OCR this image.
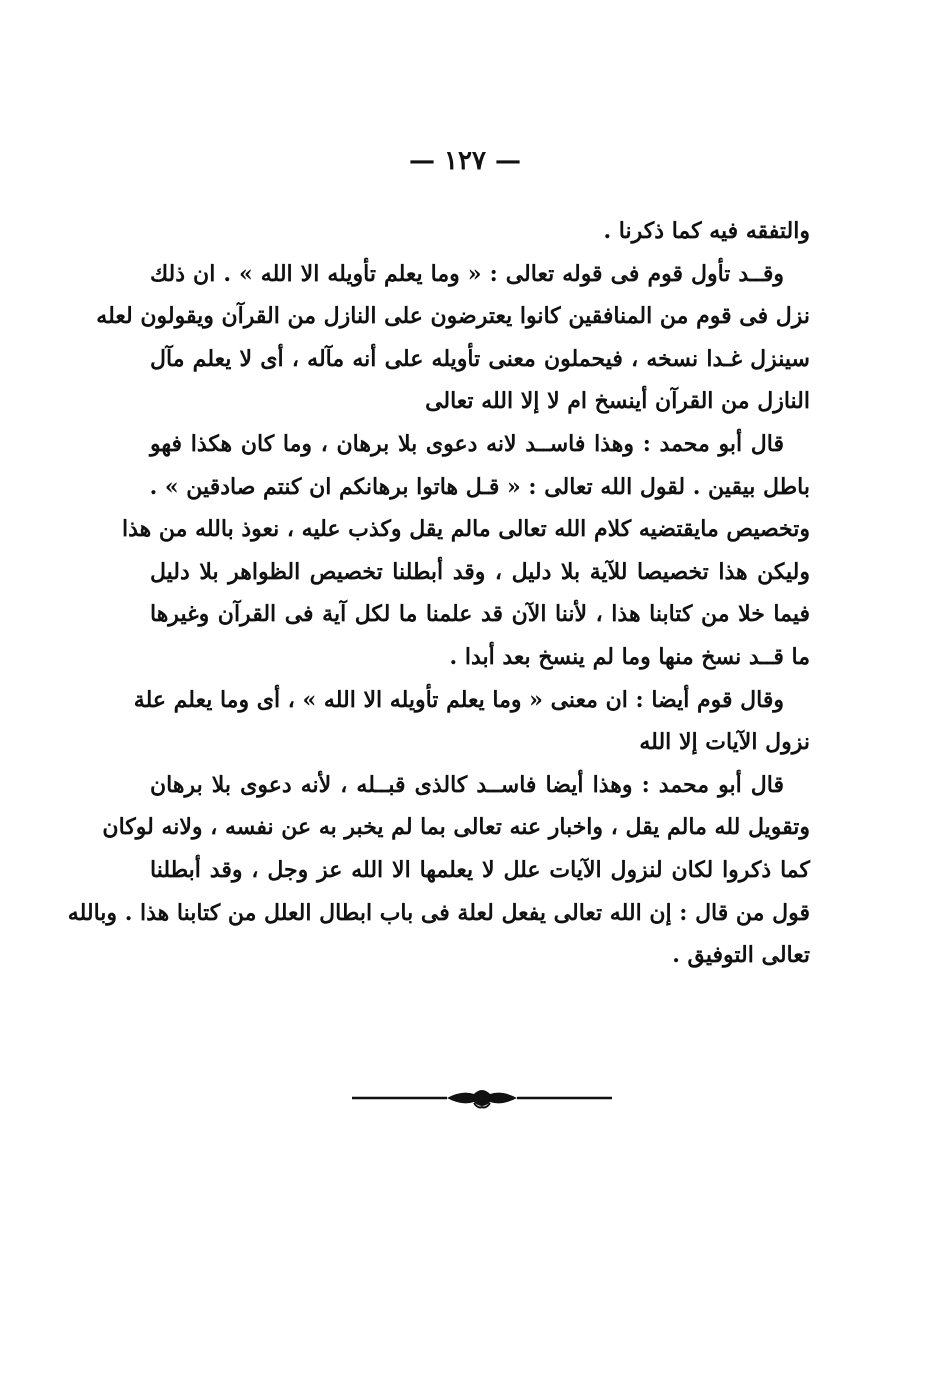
— ١٢٧ —
والتفقه فيه كما ذكرنا .
وقــد تأول قوم فى قوله تعالى : « وما يعلم تأويله الا الله » . ان ذلك
نزل فى قوم من المنافقين كانوا يعترضون على النازل من القرآن ويقولون لعله
سينزل غـدا نسخه ، فيحملون معنى تأويله على أنه مآله ، أى لا يعلم مآل
النازل من القرآن أينسخ ام لا إلا الله تعالى
قال أبو محمد : وهذا فاســد لانه دعوى بلا برهان ، وما كان هكذا فهو
باطل بيقين . لقول الله تعالى : « قـل هاتوا برهانكم ان كنتم صادقين » .
وتخصيص مايقتضيه كلام الله تعالى مالم يقل وكذب عليه ، نعوذ بالله من هذا
وليكن هذا تخصيصا للآية بلا دليل ، وقد أبطلنا تخصيص الظواهر بلا دليل
فيما خلا من كتابنا هذا ، لأننا الآن قد علمنا ما لكل آية فى القرآن وغيرها
ما قــد نسخ منها وما لم ينسخ بعد أبدا .
وقال قوم أيضا : ان معنى « وما يعلم تأويله الا الله » ، أى وما يعلم علة
نزول الآيات إلا الله
قال أبو محمد : وهذا أيضا فاســد كالذى قبــله ، لأنه دعوى بلا برهان
وتقويل لله مالم يقل ، واخبار عنه تعالى بما لم يخبر به عن نفسه ، ولانه لوكان
كما ذكروا لكان لنزول الآيات علل لا يعلمها الا الله عز وجل ، وقد أبطلنا
قول من قال : إن الله تعالى يفعل لعلة فى باب ابطال العلل من كتابنا هذا . وبالله
تعالى التوفيق .
